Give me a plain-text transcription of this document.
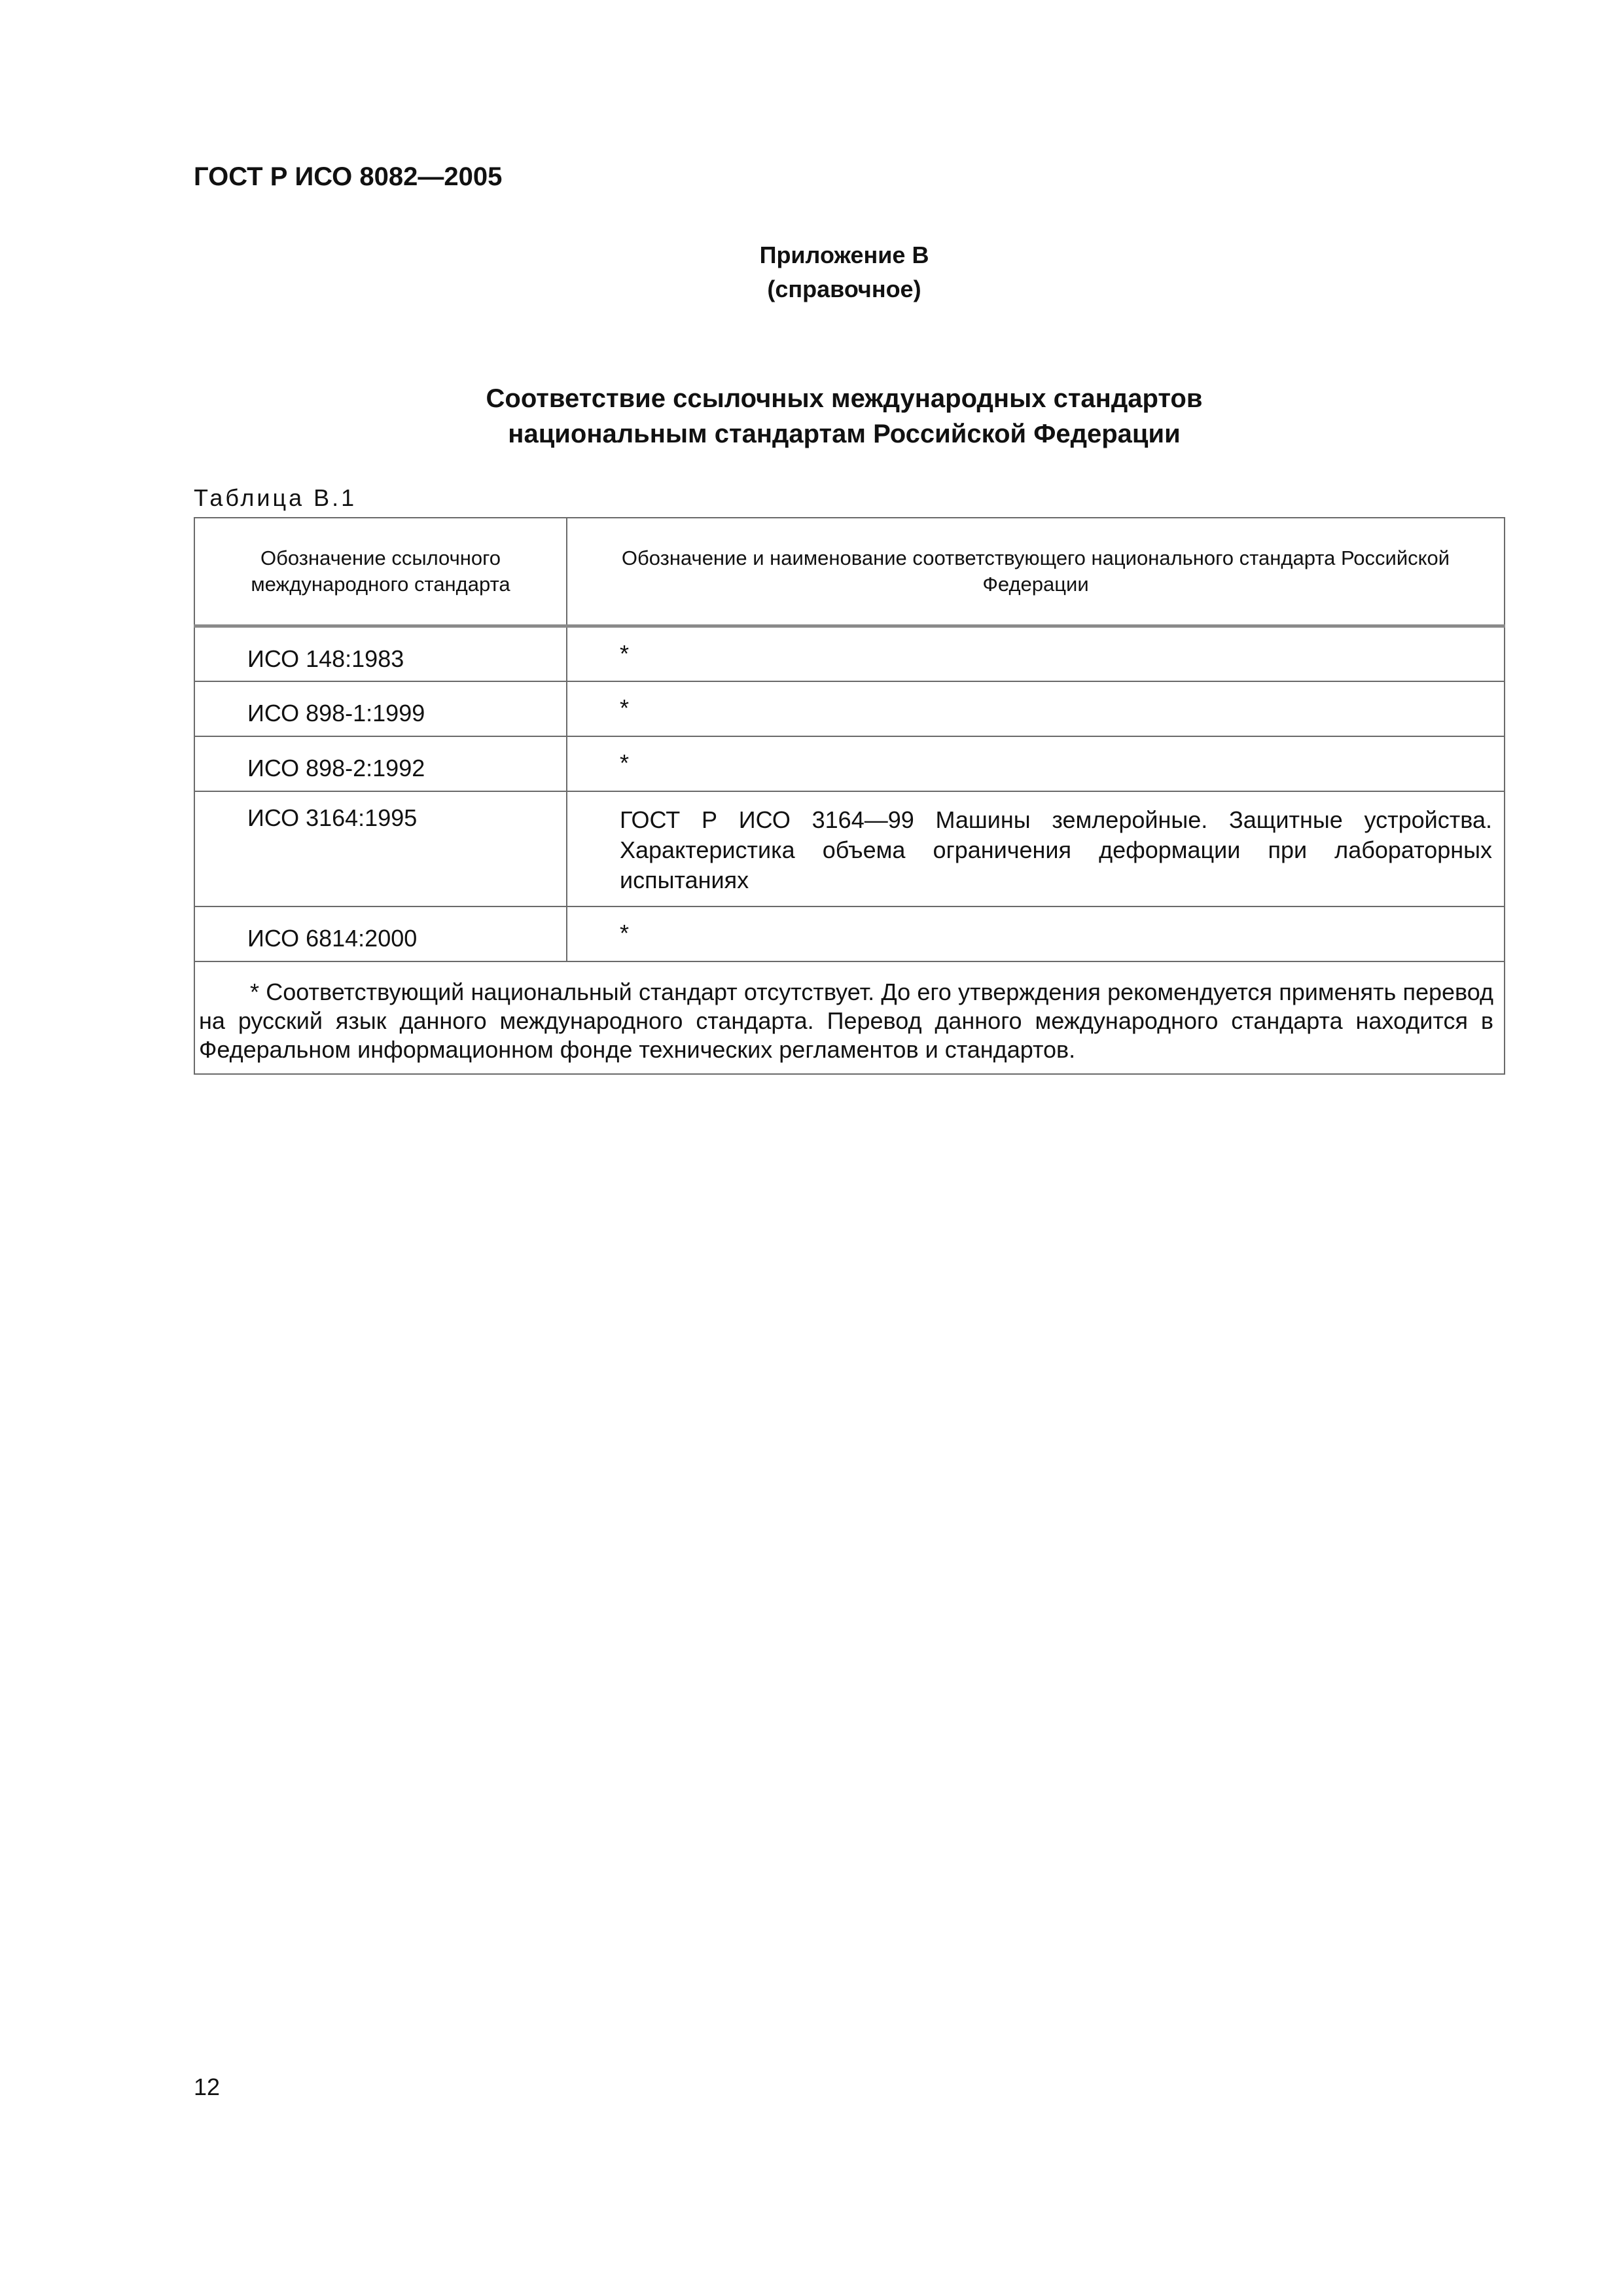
ГОСТ Р ИСО 8082—2005

Приложение В
(справочное)
Соответствие ссылочных международных стандартов
национальным стандартам Российской Федерации

Таблица В.1

Обозначение ссылочного международного стандарта	Обозначение и наименование соответствующего национального стандарта Российской Федерации
ИСО 148:1983	*
ИСО 898-1:1999	*
ИСО 898-2:1992	*
ИСО 3164:1995	ГОСТ Р ИСО 3164—99 Машины землеройные. Защитные устройства. Характеристика объема ограничения деформации при лабораторных испытаниях
ИСО 6814:2000	*

* Соответствующий национальный стандарт отсутствует. До его утверждения рекомендуется применять перевод на русский язык данного международного стандарта. Перевод данного международного стандарта находится в Федеральном информационном фонде технических регламентов и стандартов.	

12
